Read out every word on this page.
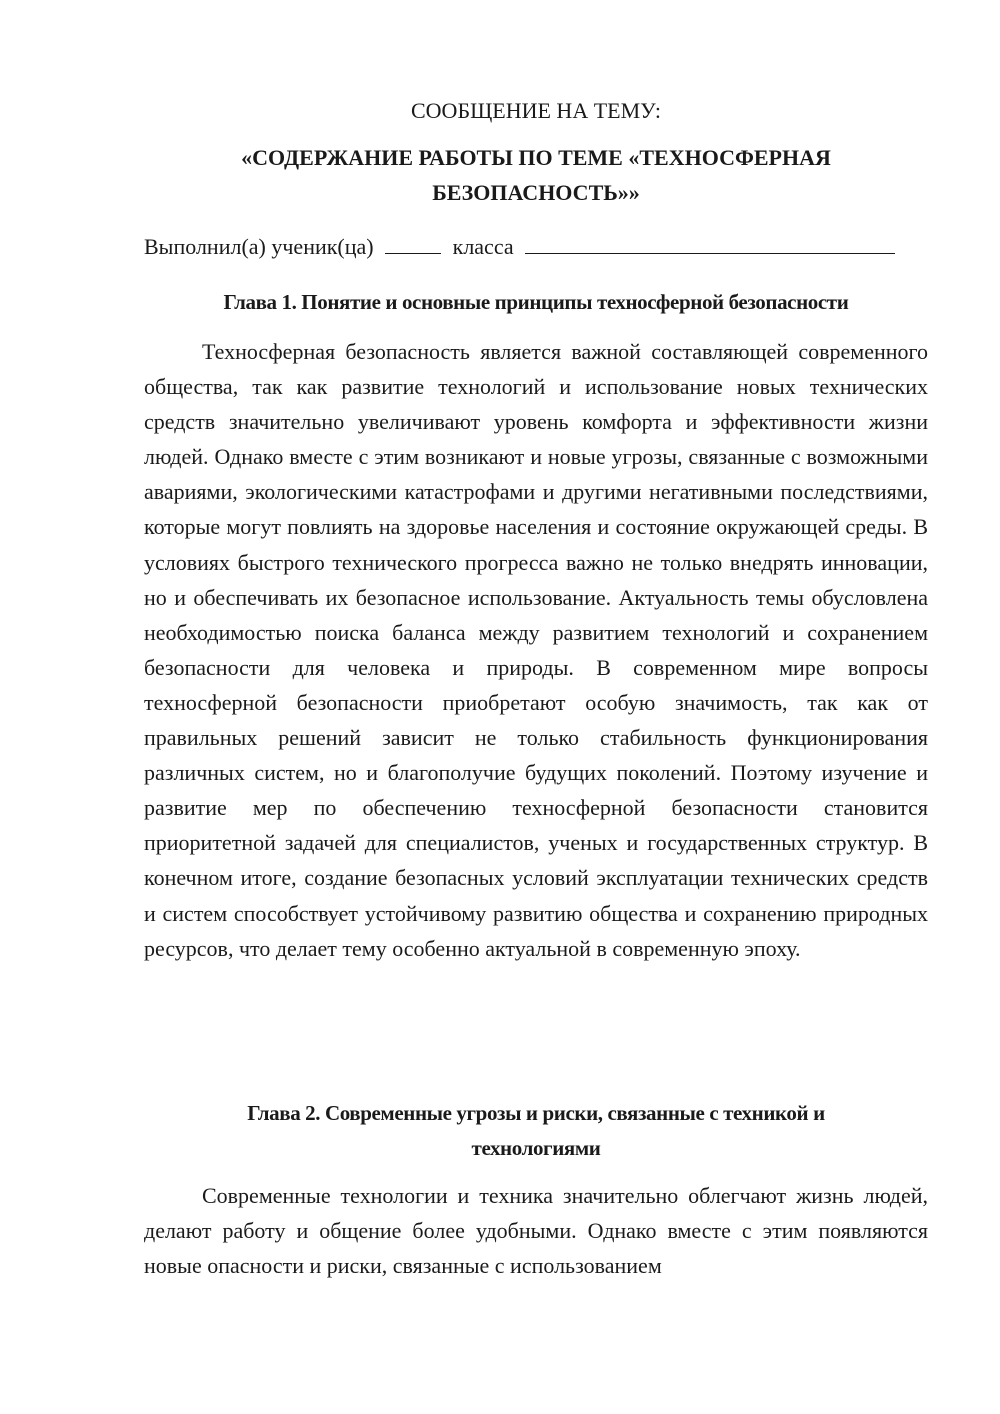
СООБЩЕНИЕ НА ТЕМУ:
«СОДЕРЖАНИЕ РАБОТЫ ПО ТЕМЕ «ТЕХНОСФЕРНАЯ
БЕЗОПАСНОСТЬ»»
Выполнил(а) ученик(ца)	класса
Глава 1. Понятие и основные принципы техносферной безопасности

Техносферная безопасность является важной составляющей современного общества, так как развитие технологий и использование новых технических средств значительно увеличивают уровень комфорта и эффективности жизни людей. Однако вместе с этим возникают и новые угрозы, связанные с возможными авариями, экологическими катастрофами и другими негативными последствиями, которые могут повлиять на здоровье населения и состояние окружающей среды. В условиях быстрого технического прогресса важно не только внедрять инновации, но и обеспечивать их безопасное использование. Актуальность темы обусловлена необходимостью поиска баланса между развитием технологий и сохранением безопасности для человека и природы. В современном мире вопросы техносферной безопасности приобретают особую значимость, так как от правильных решений зависит не только стабильность функционирования различных систем, но и благополучие будущих поколений. Поэтому изучение и развитие мер по обеспечению техносферной безопасности становится приоритетной задачей для специалистов, ученых и государственных структур. В конечном итоге, создание безопасных условий эксплуатации технических средств и систем способствует устойчивому развитию общества и сохранению природных ресурсов, что делает тему особенно актуальной в современную эпоху.

Глава 2. Современные угрозы и риски, связанные с техникой и
технологиями

Современные технологии и техника значительно облегчают жизнь людей, делают работу и общение более удобными. Однако вместе с этим появляются новые опасности и риски, связанные с использованием
